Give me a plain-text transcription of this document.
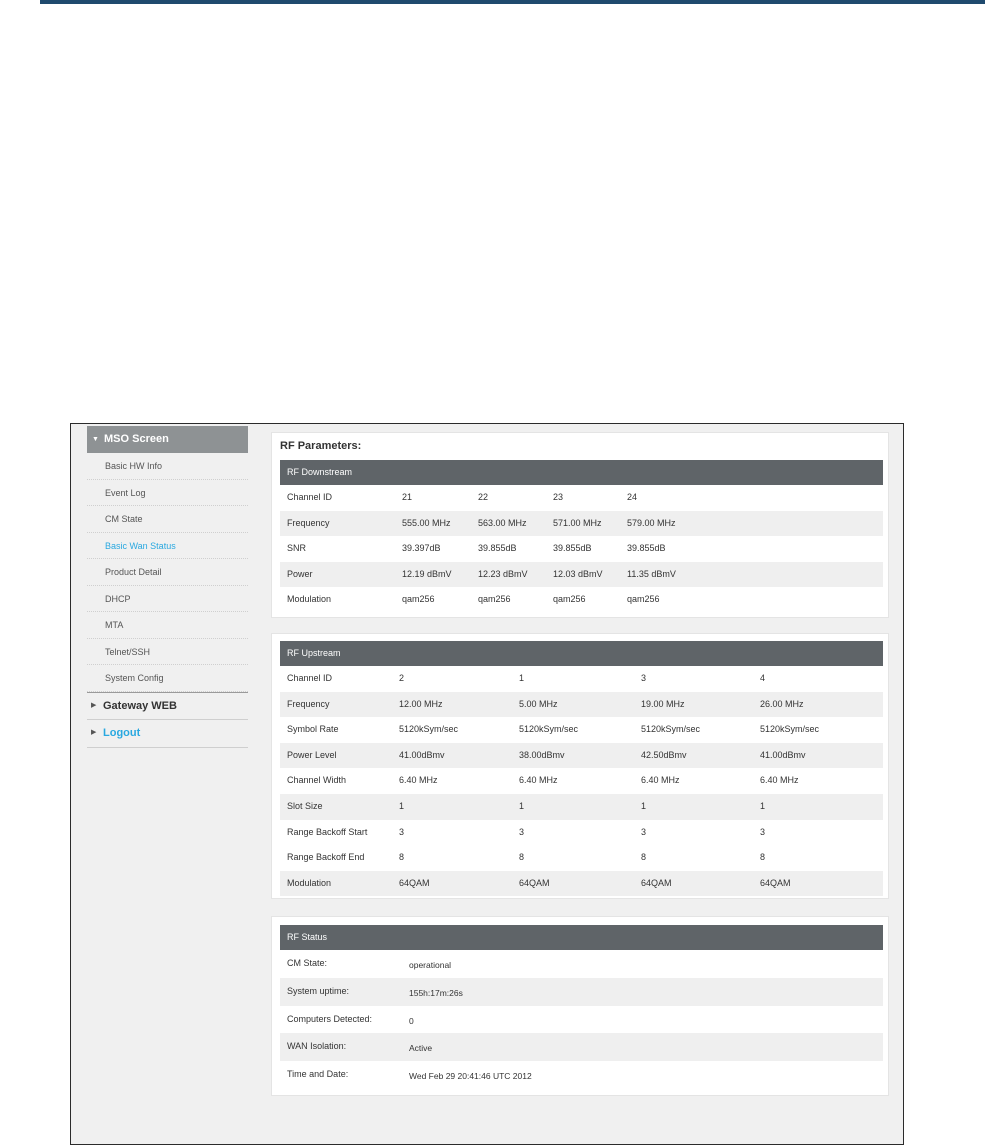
▼ MSO Screen
Basic HW Info
Event Log
CM State
Basic Wan Status
Product Detail
DHCP
MTA
Telnet/SSH
System Config
▶ Gateway WEB
▶ Logout
RF Parameters:
RF Downstream
Channel ID	21	22	23	24
Frequency	555.00 MHz	563.00 MHz	571.00 MHz	579.00 MHz
SNR	39.397dB	39.855dB	39.855dB	39.855dB
Power	12.19 dBmV	12.23 dBmV	12.03 dBmV	11.35 dBmV
Modulation	qam256	qam256	qam256	qam256
RF Upstream
Channel ID	2	1	3	4
Frequency	12.00 MHz	5.00 MHz	19.00 MHz	26.00 MHz
Symbol Rate	5120kSym/sec	5120kSym/sec	5120kSym/sec	5120kSym/sec
Power Level	41.00dBmv	38.00dBmv	42.50dBmv	41.00dBmv
Channel Width	6.40 MHz	6.40 MHz	6.40 MHz	6.40 MHz
Slot Size	1	1	1	1
Range Backoff Start	3	3	3	3
Range Backoff End	8	8	8	8
Modulation	64QAM	64QAM	64QAM	64QAM
RF Status
CM State:	operational
System uptime:	155h:17m:26s
Computers Detected:	0
WAN Isolation:	Active
Time and Date:	Wed Feb 29 20:41:46 UTC 2012
